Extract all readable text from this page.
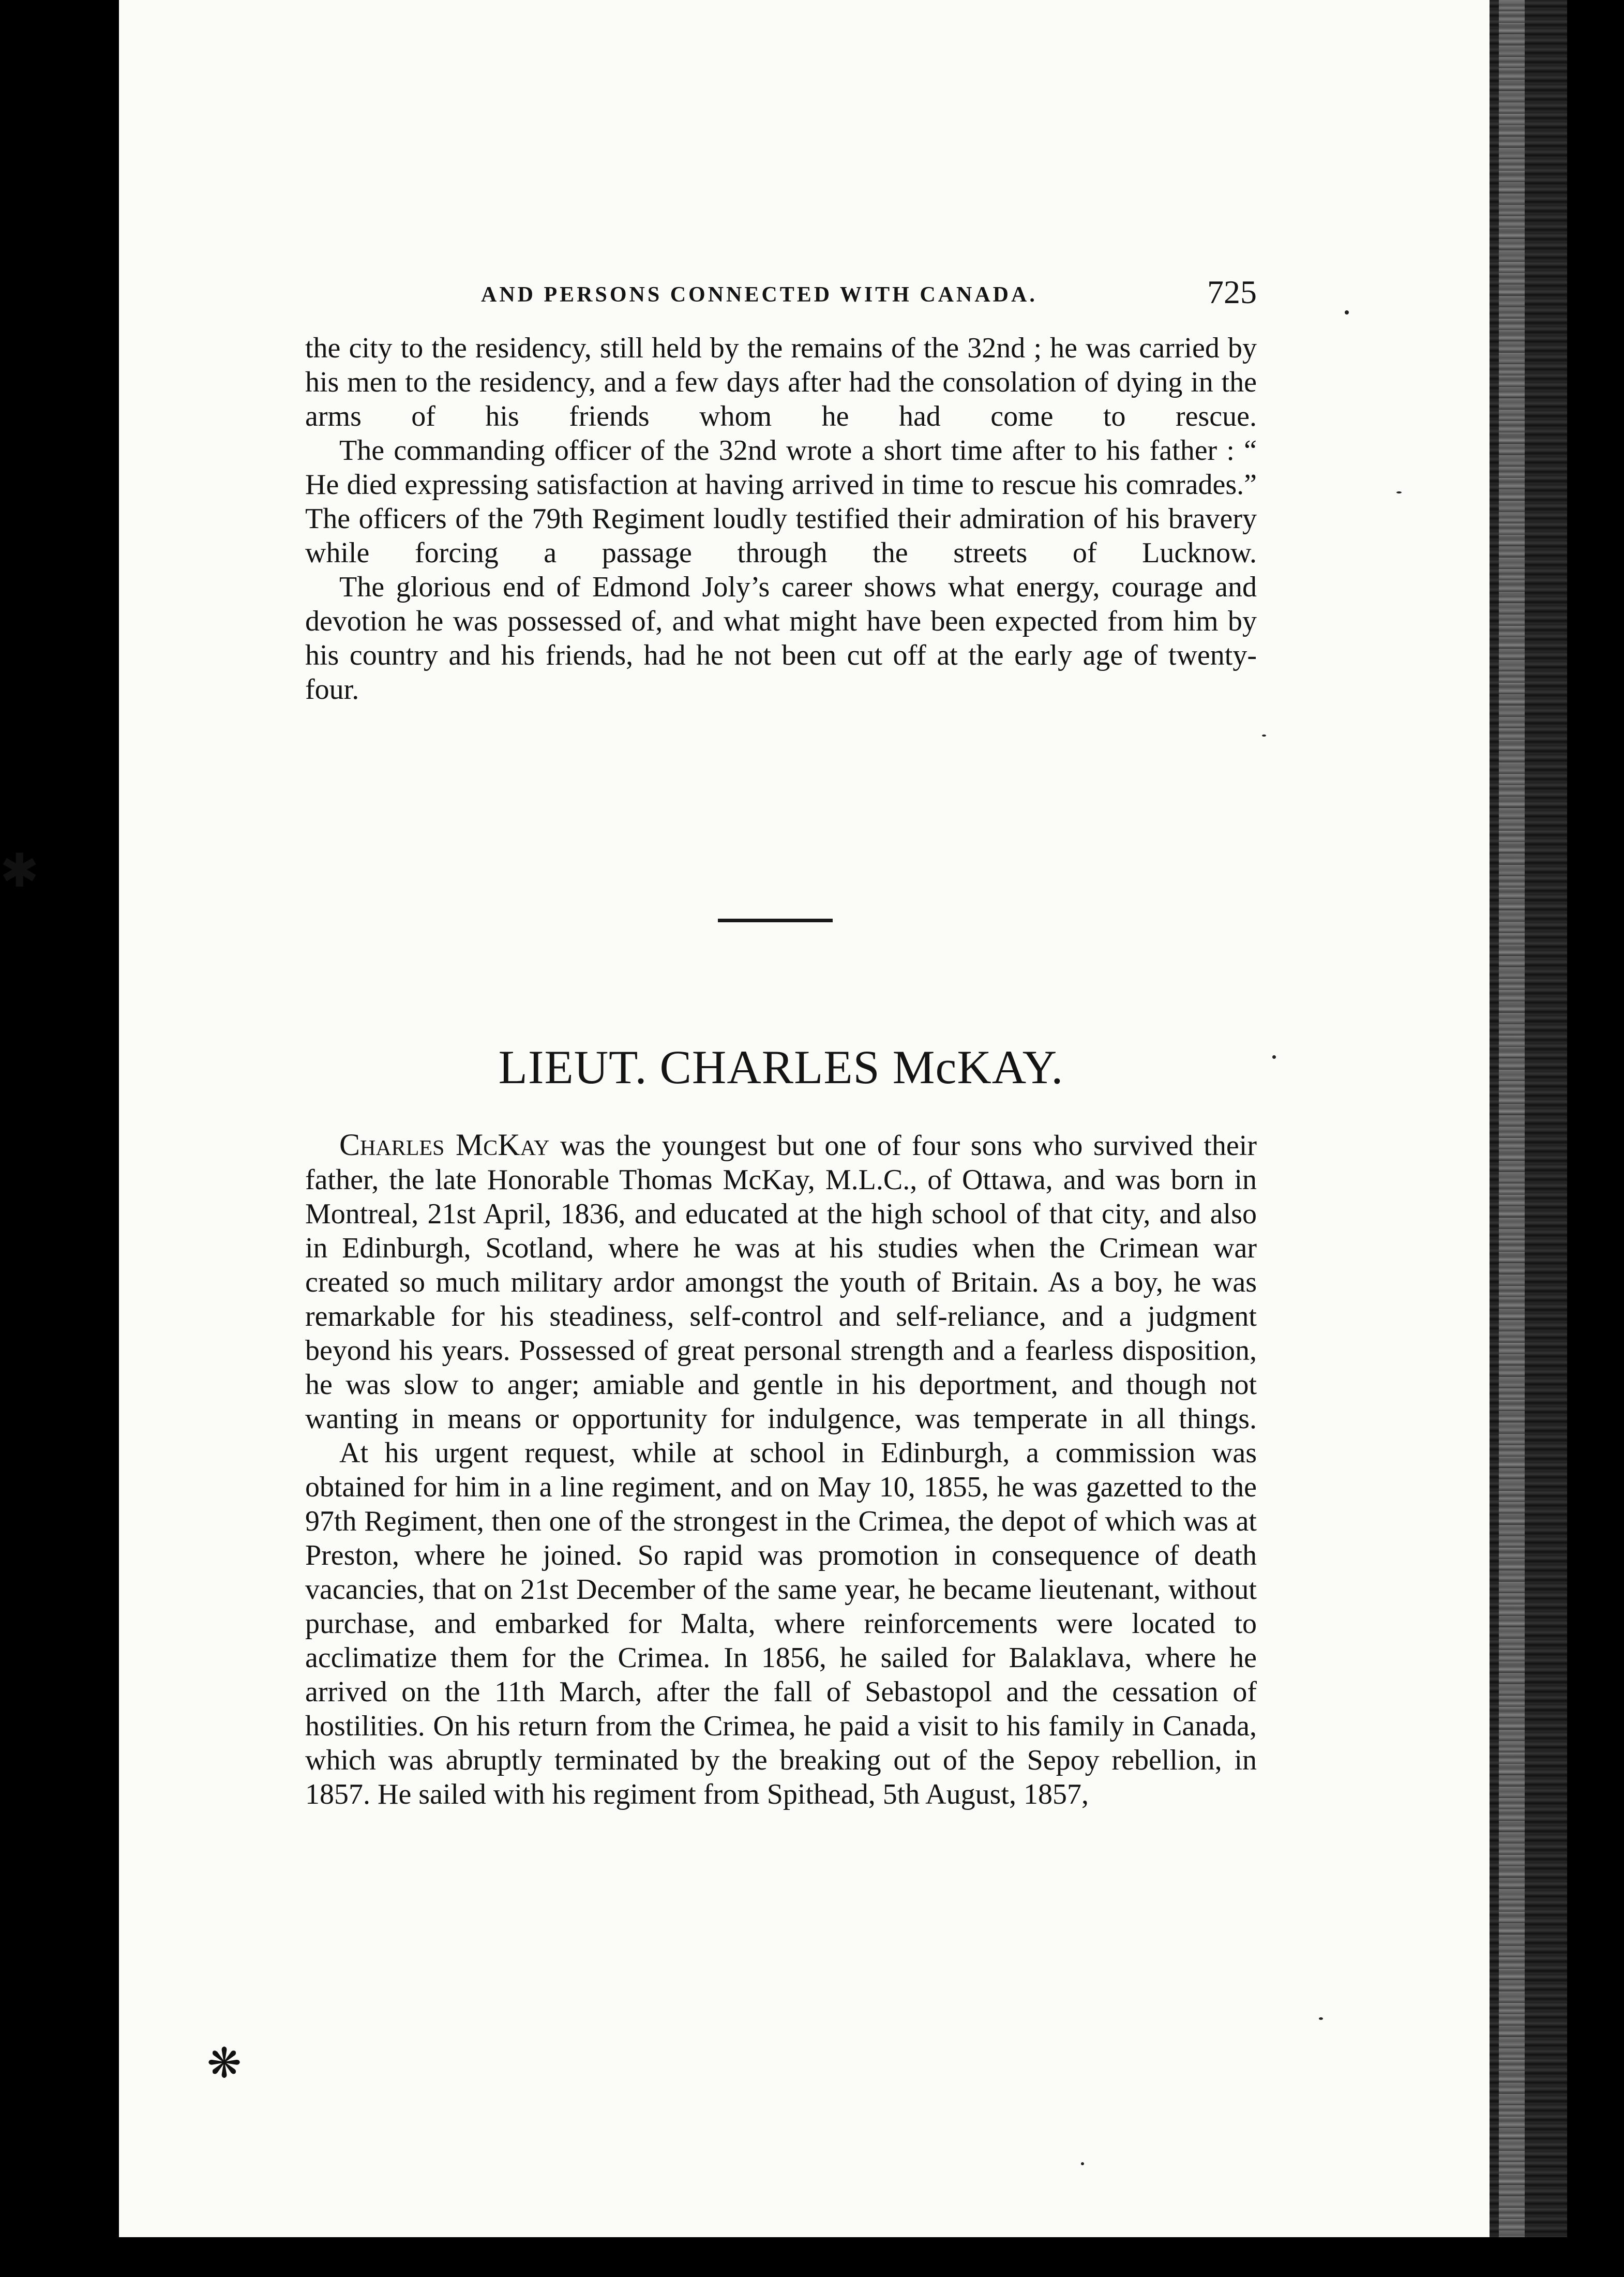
AND PERSONS CONNECTED WITH CANADA.	725

the city to the residency, still held by the remains of the 32nd ; he was carried by his men to the residency, and a few days after had the consolation of dying in the arms of his friends whom he had come to rescue.

The commanding officer of the 32nd wrote a short time after to his father : “ He died expressing satisfaction at having arrived in time to rescue his comrades.” The officers of the 79th Regiment loudly testified their admiration of his bravery while forcing a passage through the streets of Lucknow.

The glorious end of Edmond Joly’s career shows what energy, courage and devotion he was possessed of, and what might have been expected from him by his country and his friends, had he not been cut off at the early age of twenty-four.

LIEUT. CHARLES McKAY.

Charles McKay was the youngest but one of four sons who survived their father, the late Honorable Thomas McKay, M.L.C., of Ottawa, and was born in Montreal, 21st April, 1836, and educated at the high school of that city, and also in Edinburgh, Scotland, where he was at his studies when the Crimean war created so much military ardor amongst the youth of Britain. As a boy, he was remarkable for his steadiness, self-control and self-reliance, and a judgment beyond his years. Possessed of great personal strength and a fearless disposition, he was slow to anger; amiable and gentle in his deportment, and though not wanting in means or opportunity for indulgence, was temperate in all things.

At his urgent request, while at school in Edinburgh, a commission was obtained for him in a line regiment, and on May 10, 1855, he was gazetted to the 97th Regiment, then one of the strongest in the Crimea, the depot of which was at Preston, where he joined. So rapid was promotion in consequence of death vacancies, that on 21st December of the same year, he became lieutenant, without purchase, and embarked for Malta, where reinforcements were located to acclimatize them for the Crimea. In 1856, he sailed for Balaklava, where he arrived on the 11th March, after the fall of Sebastopol and the cessation of hostilities. On his return from the Crimea, he paid a visit to his family in Canada, which was abruptly terminated by the breaking out of the Sepoy rebellion, in 1857. He sailed with his regiment from Spithead, 5th August, 1857,

✱
❋
